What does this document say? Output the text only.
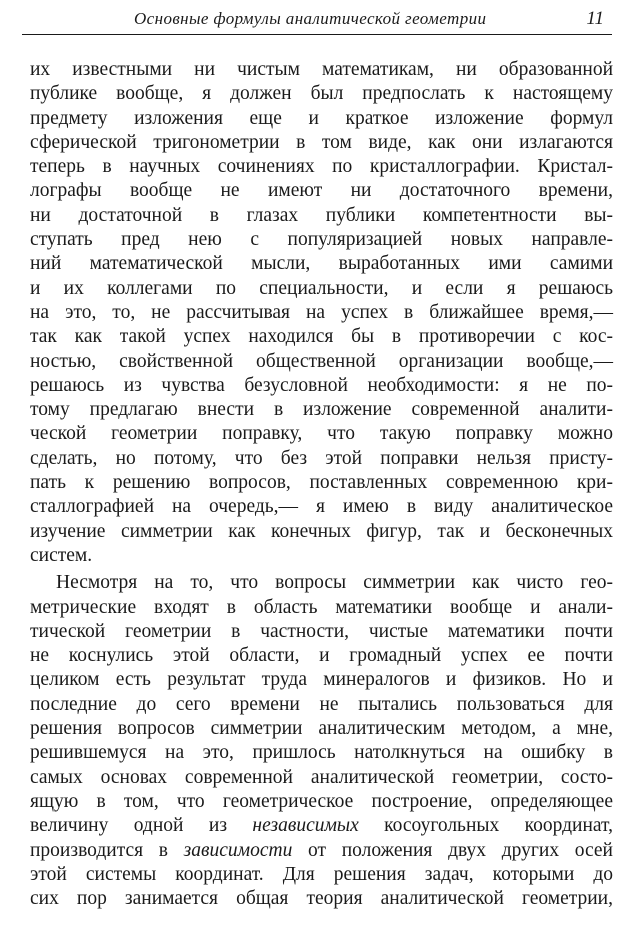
Основные формулы аналитической геометрии	11
их известными ни чистым математикам, ни образованной
публике вообще, я должен был предпослать к настоящему
предмету изложения еще и краткое изложение формул
сферической тригонометрии в том виде, как они излагаются
теперь в научных сочинениях по кристаллографии. Кристал-
лографы вообще не имеют ни достаточного времени,
ни достаточной в глазах публики компетентности вы-
ступать пред нею с популяризацией новых направле-
ний математической мысли, выработанных ими самими
и их коллегами по специальности, и если я решаюсь
на это, то, не рассчитывая на успех в ближайшее время,—
так как такой успех находился бы в противоречии с кос-
ностью, свойственной общественной организации вообще,—
решаюсь из чувства безусловной необходимости: я не по-
тому предлагаю внести в изложение современной аналити-
ческой геометрии поправку, что такую поправку можно
сделать, но потому, что без этой поправки нельзя присту-
пать к решению вопросов, поставленных современною кри-
сталлографией на очередь,— я имею в виду аналитическое
изучение симметрии как конечных фигур, так и бесконечных
систем.
Несмотря на то, что вопросы симметрии как чисто гео-
метрические входят в область математики вообще и анали-
тической геометрии в частности, чистые математики почти
не коснулись этой области, и громадный успех ее почти
целиком есть результат труда минералогов и физиков. Но и
последние до сего времени не пытались пользоваться для
решения вопросов симметрии аналитическим методом, а мне,
решившемуся на это, пришлось натолкнуться на ошибку в
самых основах современной аналитической геометрии, состо-
ящую в том, что геометрическое построение, определяющее
величину одной из независимых косоугольных координат,
производится в зависимости от положения двух других осей
этой системы координат. Для решения задач, которыми до
сих пор занимается общая теория аналитической геометрии,
